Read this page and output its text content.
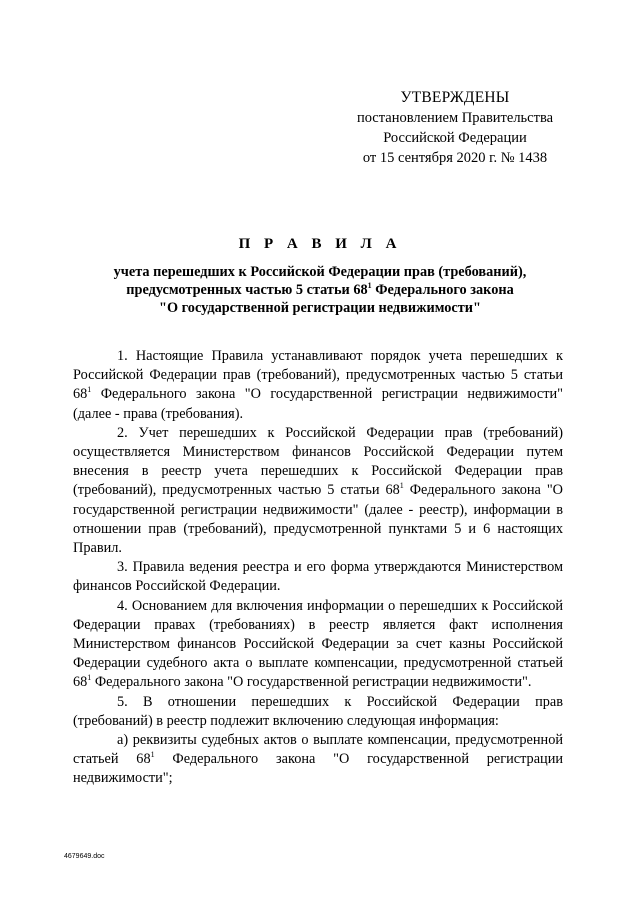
УТВЕРЖДЕНЫ
постановлением Правительства
Российской Федерации
от 15 сентября 2020 г. № 1438
П Р А В И Л А
учета перешедших к Российской Федерации прав (требований),
предусмотренных частью 5 статьи $68^1$ Федерального закона
"О государственной регистрации недвижимости"

1. Настоящие Правила устанавливают порядок учета перешедших к Российской Федерации прав (требований), предусмотренных частью 5 статьи $68^1$ Федерального закона "О государственной регистрации недвижимости" (далее - права (требования).

2. Учет перешедших к Российской Федерации прав (требований) осуществляется Министерством финансов Российской Федерации путем внесения в реестр учета перешедших к Российской Федерации прав (требований), предусмотренных частью 5 статьи $68^1$ Федерального закона "О государственной регистрации недвижимости" (далее - реестр), информации в отношении прав (требований), предусмотренной пунктами 5 и 6 настоящих Правил.

3. Правила ведения реестра и его форма утверждаются Министерством финансов Российской Федерации.

4. Основанием для включения информации о перешедших к Российской Федерации правах (требованиях) в реестр является факт исполнения Министерством финансов Российской Федерации за счет казны Российской Федерации судебного акта о выплате компенсации, предусмотренной статьей $68^1$ Федерального закона "О государственной регистрации недвижимости".

5. В отношении перешедших к Российской Федерации прав (требований) в реестр подлежит включению следующая информация:

а) реквизиты судебных актов о выплате компенсации, предусмотренной статьей $68^1$ Федерального закона "О государственной регистрации недвижимости";

4679649.doc
